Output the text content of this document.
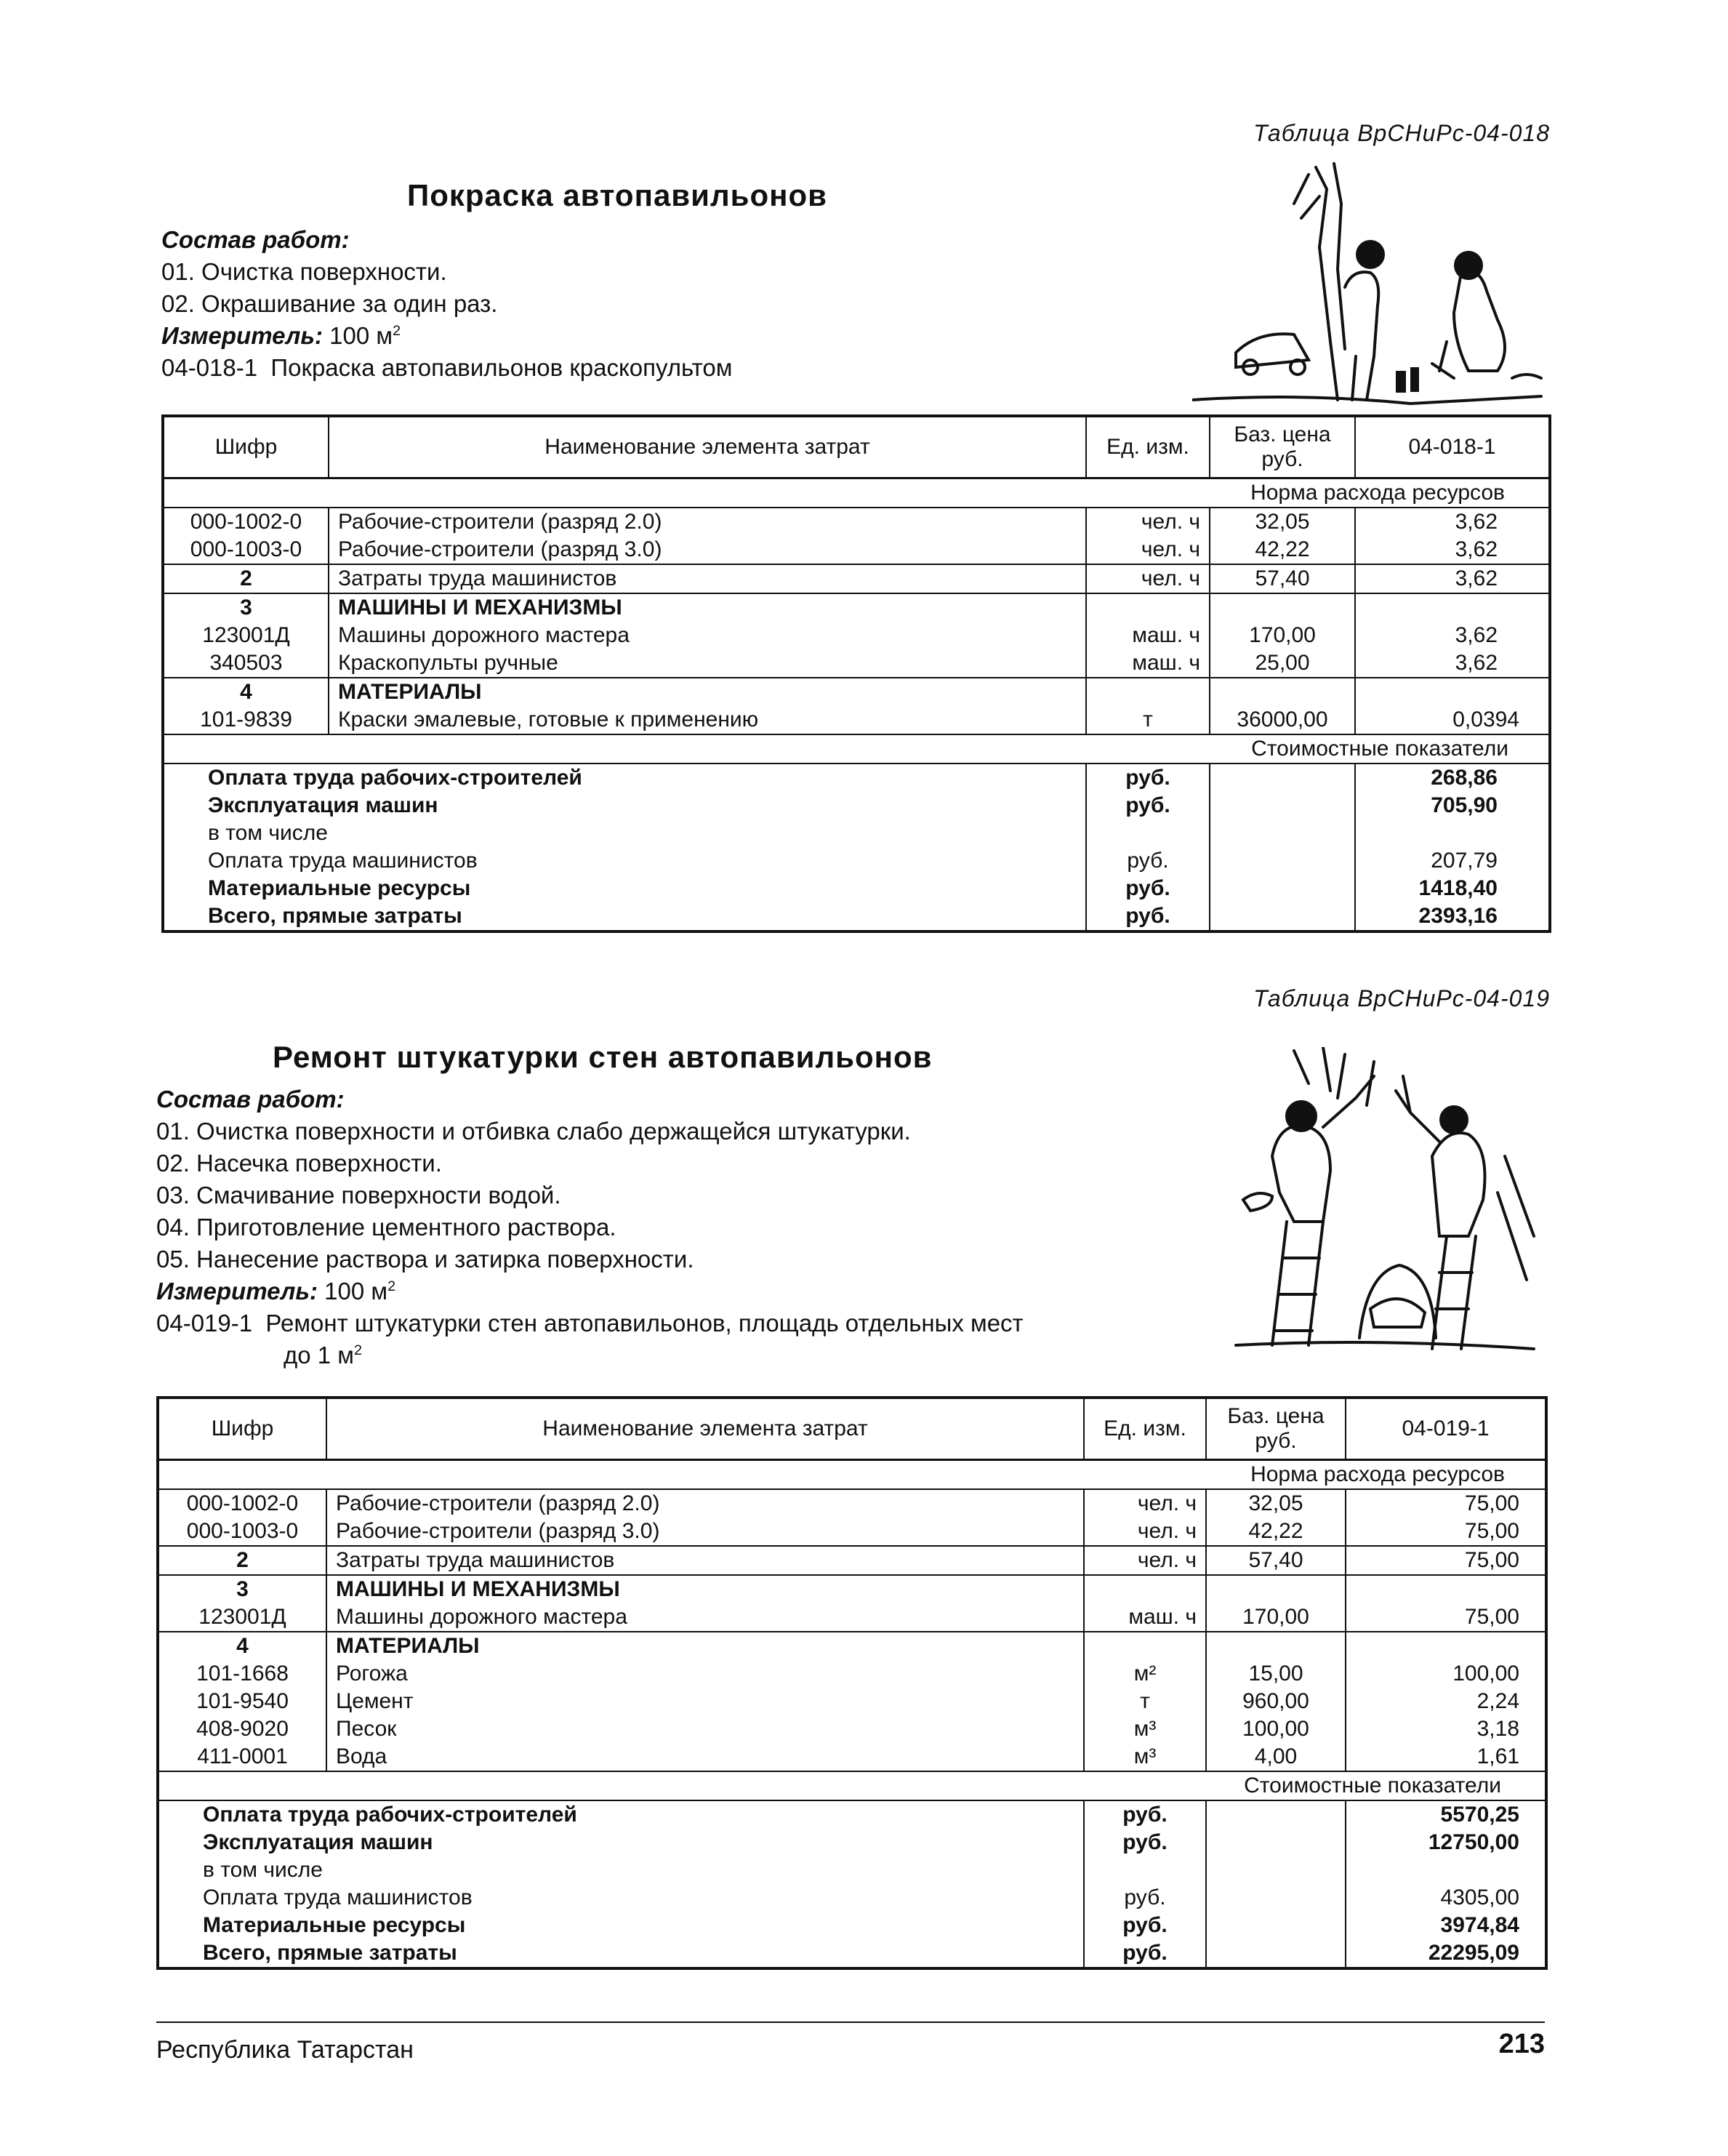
Таблица ВрСНиРс-04-018
Покраска автопавильонов
Состав работ:
01. Очистка поверхности.
02. Окрашивание за один раз.
Измеритель: 100 $м^2$
04-018-1  Покраска автопавильонов краскопультом
Шифр	Наименование элемента затрат	Ед. изм.	Баз. цена руб.	04-018-1
Норма расхода ресурсов				
000-1002-0	Рабочие-строители (разряд 2.0)	чел. ч	32,05	3,62
000-1003-0	Рабочие-строители (разряд 3.0)	чел. ч	42,22	3,62
2	Затраты труда машинистов	чел. ч	57,40	3,62
3	МАШИНЫ И МЕХАНИЗМЫ			
123001Д	Машины дорожного мастера	маш. ч	170,00	3,62
340503	Краскопульты ручные	маш. ч	25,00	3,62
4	МАТЕРИАЛЫ			
101-9839	Краски эмалевые, готовые к применению	т	36000,00	0,0394
Стоимостные показатели				
Оплата труда рабочих-строителей		руб.		268,86
Эксплуатация машин		руб.		705,90
в том числе				
Оплата труда машинистов		руб.		207,79
Материальные ресурсы		руб.		1418,40
Всего, прямые затраты		руб.		2393,16
Таблица ВрСНиРс-04-019
Ремонт штукатурки стен автопавильонов
Состав работ:
01. Очистка поверхности и отбивка слабо держащейся штукатурки.
02. Насечка поверхности.
03. Смачивание поверхности водой.
04. Приготовление цементного раствора.
05. Нанесение раствора и затирка поверхности.
Измеритель: 100 $м^2$
04-019-1  Ремонт штукатурки стен автопавильонов, площадь отдельных мест
до 1 $м^2$
Шифр	Наименование элемента затрат	Ед. изм.	Баз. цена руб.	04-019-1
Норма расхода ресурсов				
000-1002-0	Рабочие-строители (разряд 2.0)	чел. ч	32,05	75,00
000-1003-0	Рабочие-строители (разряд 3.0)	чел. ч	42,22	75,00
2	Затраты труда машинистов	чел. ч	57,40	75,00
3	МАШИНЫ И МЕХАНИЗМЫ			
123001Д	Машины дорожного мастера	маш. ч	170,00	75,00
4	МАТЕРИАЛЫ			
101-1668	Рогожа	м²	15,00	100,00
101-9540	Цемент	т	960,00	2,24
408-9020	Песок	м³	100,00	3,18
411-0001	Вода	м³	4,00	1,61
Стоимостные показатели				
Оплата труда рабочих-строителей		руб.		5570,25
Эксплуатация машин		руб.		12750,00
в том числе				
Оплата труда машинистов		руб.		4305,00
Материальные ресурсы		руб.		3974,84
Всего, прямые затраты		руб.		22295,09
Республика Татарстан	213
